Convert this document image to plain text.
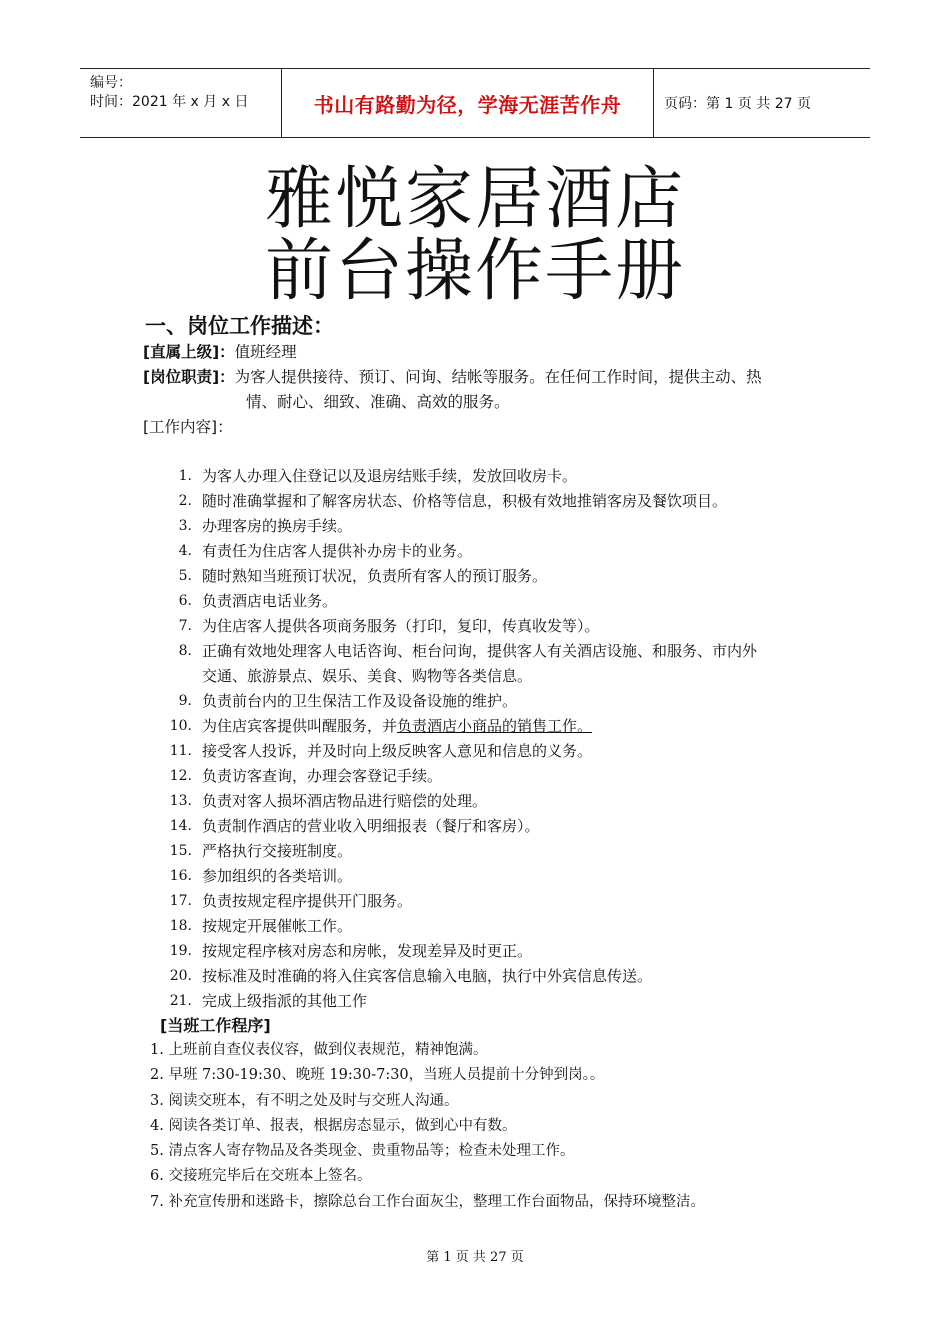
编号：
时间：2021 年 x 月 x 日	书山有路勤为径，学海无涯苦作舟	页码：第 1 页 共 27 页
雅悦家居酒店
前台操作手册
一、岗位工作描述：
[直属上级]：值班经理
[岗位职责]：为客人提供接待、预订、问询、结帐等服务。在任何工作时间，提供主动、热
情、耐心、细致、准确、高效的服务。
[工作内容]：
1. 为客人办理入住登记以及退房结账手续，发放回收房卡。
2. 随时准确掌握和了解客房状态、价格等信息，积极有效地推销客房及餐饮项目。
3. 办理客房的换房手续。
4. 有责任为住店客人提供补办房卡的业务。
5. 随时熟知当班预订状况，负责所有客人的预订服务。
6. 负责酒店电话业务。
7. 为住店客人提供各项商务服务（打印，复印，传真收发等）。
8. 正确有效地处理客人电话咨询、柜台问询，提供客人有关酒店设施、和服务、市内外
交通、旅游景点、娱乐、美食、购物等各类信息。
9. 负责前台内的卫生保洁工作及设备设施的维护。
10. 为住店宾客提供叫醒服务，并负责酒店小商品的销售工作。
11. 接受客人投诉，并及时向上级反映客人意见和信息的义务。
12. 负责访客查询，办理会客登记手续。
13. 负责对客人损坏酒店物品进行赔偿的处理。
14. 负责制作酒店的营业收入明细报表（餐厅和客房）。
15. 严格执行交接班制度。
16. 参加组织的各类培训。
17. 负责按规定程序提供开门服务。
18. 按规定开展催帐工作。
19. 按规定程序核对房态和房帐，发现差异及时更正。
20. 按标准及时准确的将入住宾客信息输入电脑，执行中外宾信息传送。
21. 完成上级指派的其他工作
[当班工作程序]
1. 上班前自查仪表仪容，做到仪表规范，精神饱满。
2. 早班 7:30-19:30、晚班 19:30-7:30，当班人员提前十分钟到岗。。
3. 阅读交班本，有不明之处及时与交班人沟通。
4. 阅读各类订单、报表，根据房态显示，做到心中有数。
5. 清点客人寄存物品及各类现金、贵重物品等；检查未处理工作。
6. 交接班完毕后在交班本上签名。
7. 补充宣传册和迷路卡，擦除总台工作台面灰尘，整理工作台面物品，保持环境整洁。
第 1 页 共 27 页
